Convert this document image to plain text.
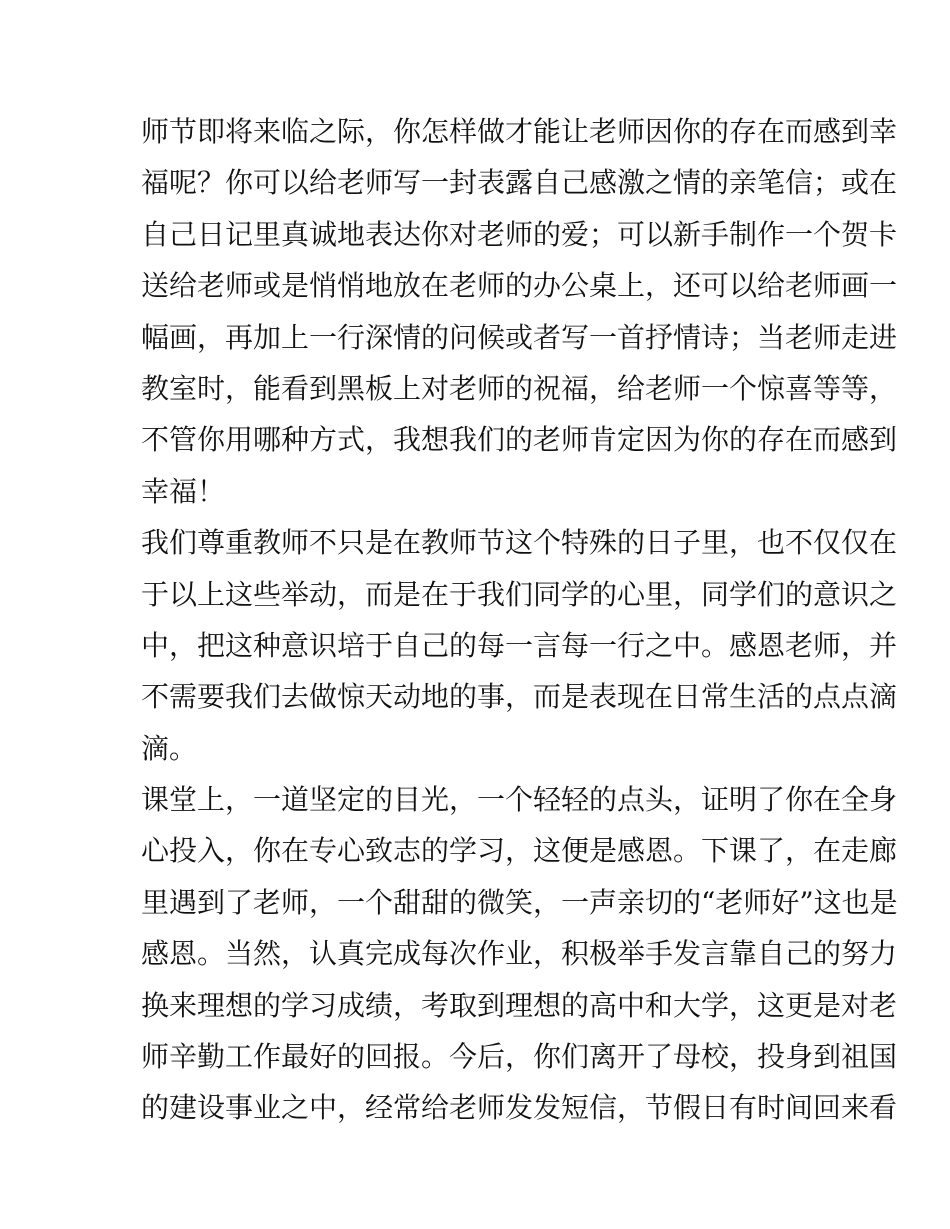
师节即将来临之际，你怎样做才能让老师因你的存在而感到幸
福呢？你可以给老师写一封表露自己感激之情的亲笔信；或在
自己日记里真诚地表达你对老师的爱；可以新手制作一个贺卡
送给老师或是悄悄地放在老师的办公桌上，还可以给老师画一
幅画，再加上一行深情的问候或者写一首抒情诗；当老师走进
教室时，能看到黑板上对老师的祝福，给老师一个惊喜等等，
不管你用哪种方式，我想我们的老师肯定因为你的存在而感到
幸福！
我们尊重教师不只是在教师节这个特殊的日子里，也不仅仅在
于以上这些举动，而是在于我们同学的心里，同学们的意识之
中，把这种意识培于自己的每一言每一行之中。感恩老师，并
不需要我们去做惊天动地的事，而是表现在日常生活的点点滴
滴。
课堂上，一道坚定的目光，一个轻轻的点头，证明了你在全身
心投入，你在专心致志的学习，这便是感恩。下课了，在走廊
里遇到了老师，一个甜甜的微笑，一声亲切的“老师好”这也是
感恩。当然，认真完成每次作业，积极举手发言靠自己的努力
换来理想的学习成绩，考取到理想的高中和大学，这更是对老
师辛勤工作最好的回报。今后，你们离开了母校，投身到祖国
的建设事业之中，经常给老师发发短信，节假日有时间回来看
